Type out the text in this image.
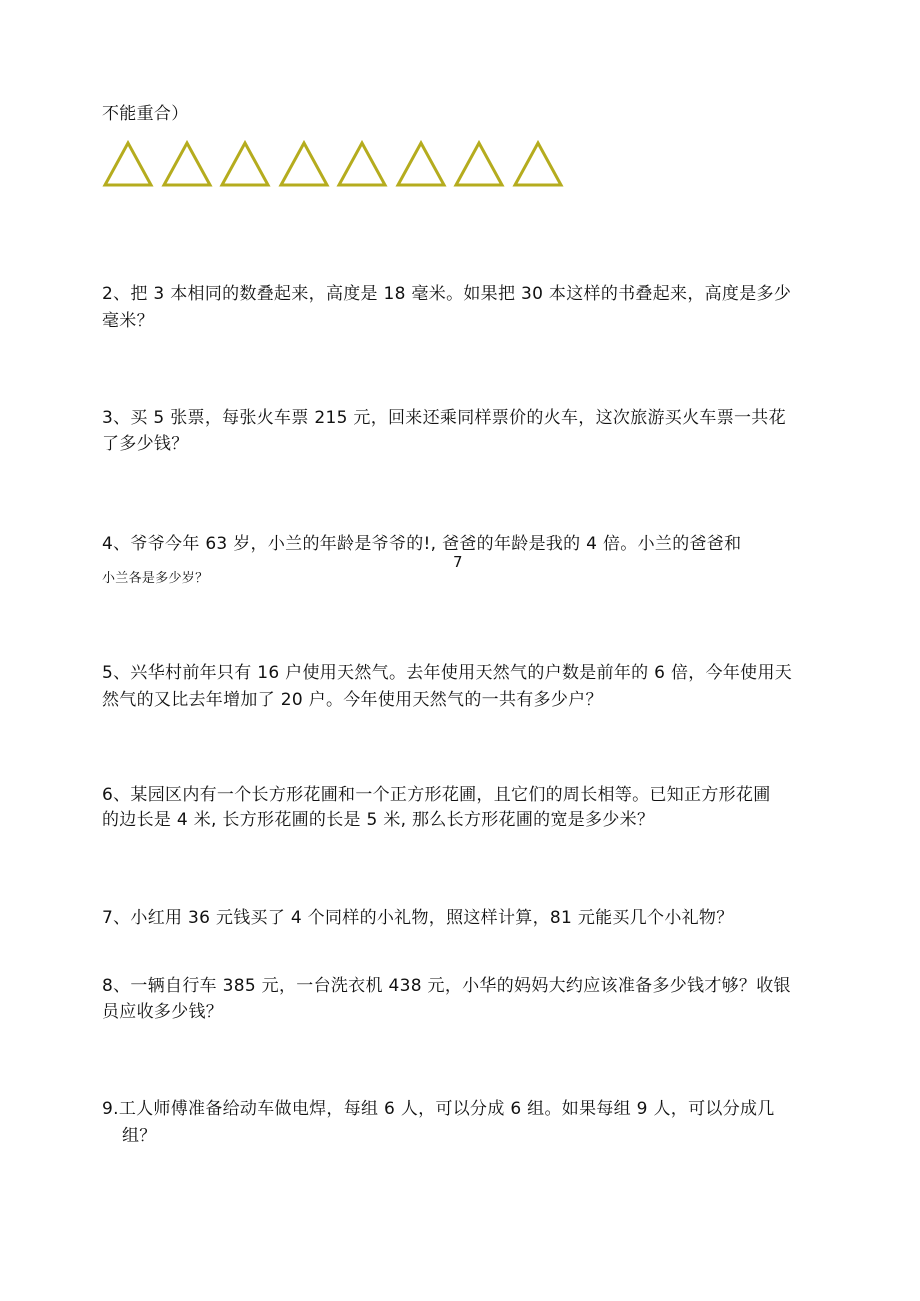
不能重合）

2、把 3 本相同的数叠起来，高度是 18 毫米。如果把 30 本这样的书叠起来，高度是多少

毫米？

3、买 5 张票，每张火车票 215 元，回来还乘同样票价的火车，这次旅游买火车票一共花

了多少钱？

4、爷爷今年 63 岁，小兰的年龄是爷爷的!, 爸爸的年龄是我的 4 倍。小兰的爸爸和

7

小兰各是多少岁？

5、兴华村前年只有 16 户使用天然气。去年使用天然气的户数是前年的 6 倍，今年使用天

然气的又比去年增加了 20 户。今年使用天然气的一共有多少户？

6、某园区内有一个长方形花圃和一个正方形花圃，且它们的周长相等。已知正方形花圃

的边长是 4 米, 长方形花圃的长是 5 米, 那么长方形花圃的宽是多少米？

7、小红用 36 元钱买了 4 个同样的小礼物，照这样计算，81 元能买几个小礼物？

8、一辆自行车 385 元，一台洗衣机 438 元，小华的妈妈大约应该准备多少钱才够？收银

员应收多少钱？

9.工人师傅准备给动车做电焊，每组 6 人，可以分成 6 组。如果每组 9 人，可以分成几

组？
